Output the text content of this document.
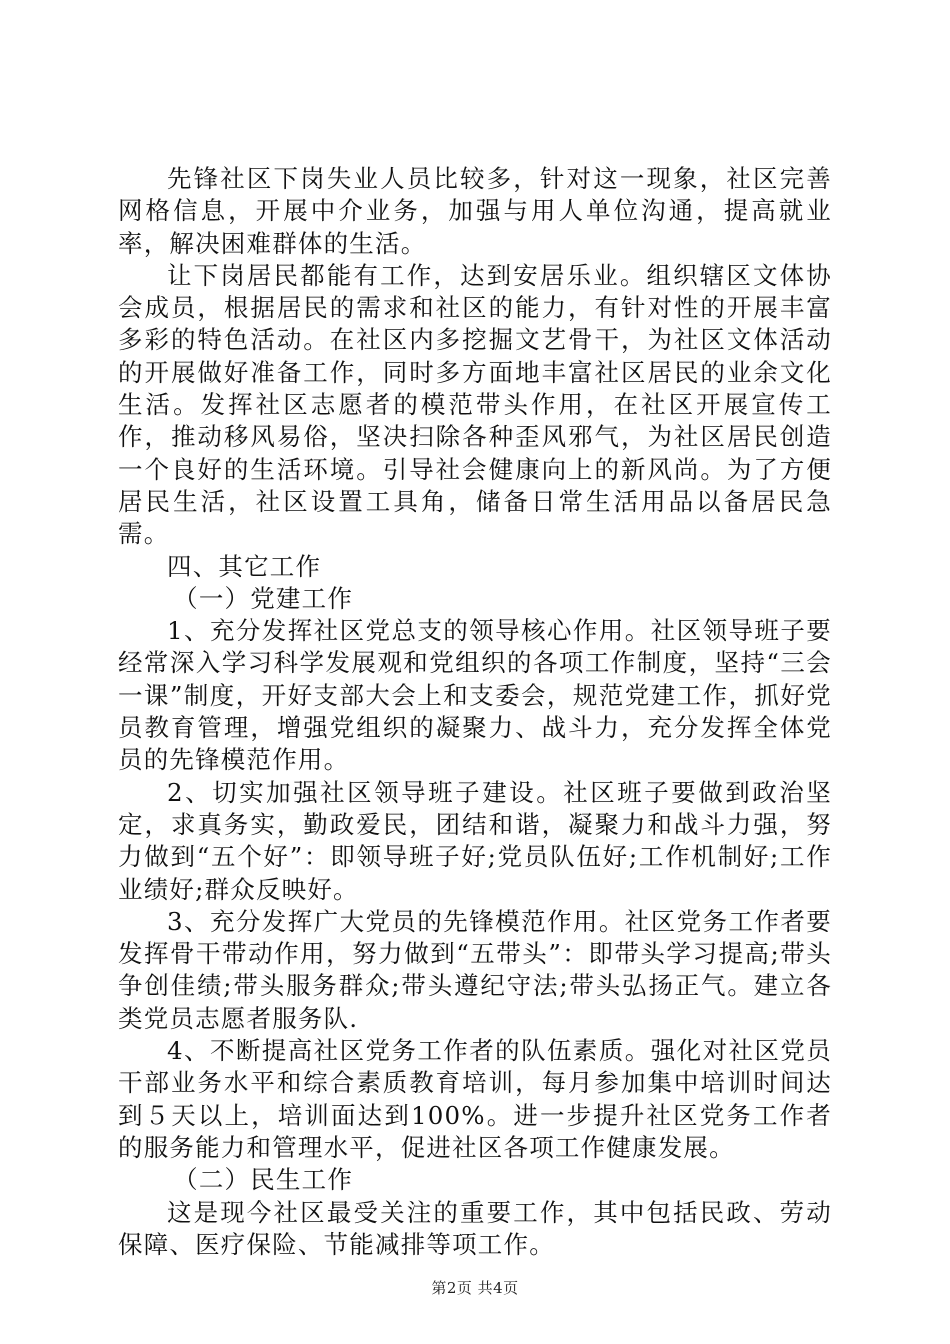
先锋社区下岗失业人员比较多，针对这一现象，社区完善网格信息，开展中介业务，加强与用人单位沟通，提高就业率，解决困难群体的生活。

让下岗居民都能有工作，达到安居乐业。组织辖区文体协会成员，根据居民的需求和社区的能力，有针对性的开展丰富多彩的特色活动。在社区内多挖掘文艺骨干，为社区文体活动的开展做好准备工作，同时多方面地丰富社区居民的业余文化生活。发挥社区志愿者的模范带头作用，在社区开展宣传工作，推动移风易俗，坚决扫除各种歪风邪气，为社区居民创造一个良好的生活环境。引导社会健康向上的新风尚。为了方便居民生活，社区设置工具角，储备日常生活用品以备居民急需。

四、其它工作

（一）党建工作

1、充分发挥社区党总支的领导核心作用。社区领导班子要经常深入学习科学发展观和党组织的各项工作制度，坚持“三会一课”制度，开好支部大会上和支委会，规范党建工作，抓好党员教育管理，增强党组织的凝聚力、战斗力，充分发挥全体党员的先锋模范作用。

2、切实加强社区领导班子建设。社区班子要做到政治坚定，求真务实，勤政爱民，团结和谐，凝聚力和战斗力强，努力做到“五个好”：即领导班子好;党员队伍好;工作机制好;工作业绩好;群众反映好。

3、充分发挥广大党员的先锋模范作用。社区党务工作者要发挥骨干带动作用，努力做到“五带头”：即带头学习提高;带头争创佳绩;带头服务群众;带头遵纪守法;带头弘扬正气。建立各类党员志愿者服务队.

4、不断提高社区党务工作者的队伍素质。强化对社区党员干部业务水平和综合素质教育培训，每月参加集中培训时间达到５天以上，培训面达到100%。进一步提升社区党务工作者的服务能力和管理水平，促进社区各项工作健康发展。

（二）民生工作

这是现今社区最受关注的重要工作，其中包括民政、劳动保障、医疗保险、节能减排等项工作。

第2页 共4页
